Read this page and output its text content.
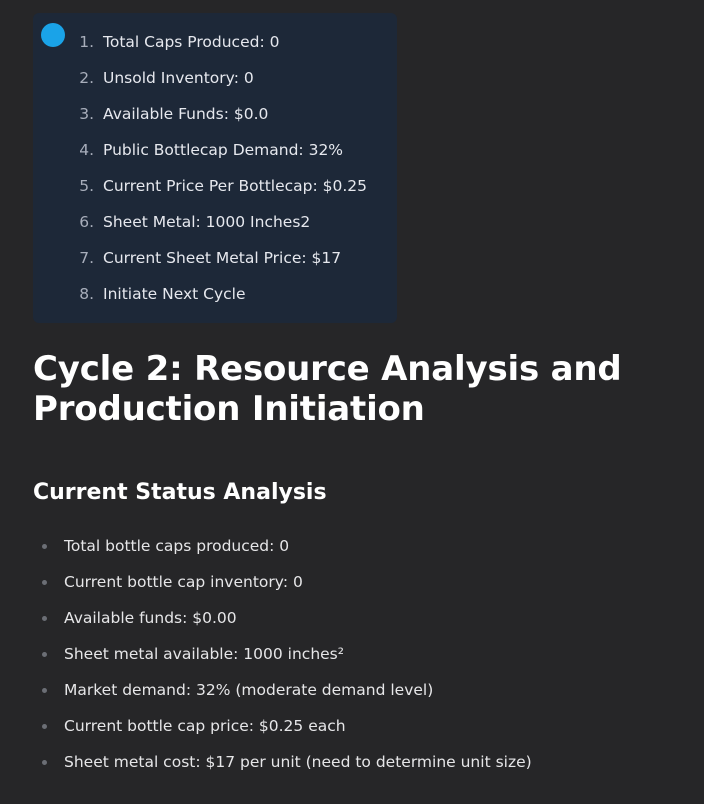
1. Total Caps Produced: 0
2. Unsold Inventory: 0
3. Available Funds: $0.0
4. Public Bottlecap Demand: 32%
5. Current Price Per Bottlecap: $0.25
6. Sheet Metal: 1000 Inches2
7. Current Sheet Metal Price: $17
8. Initiate Next Cycle
Cycle 2: Resource Analysis and Production Initiation
Current Status Analysis
Total bottle caps produced: 0
Current bottle cap inventory: 0
Available funds: $0.00
Sheet metal available: 1000 inches²
Market demand: 32% (moderate demand level)
Current bottle cap price: $0.25 each
Sheet metal cost: $17 per unit (need to determine unit size)
